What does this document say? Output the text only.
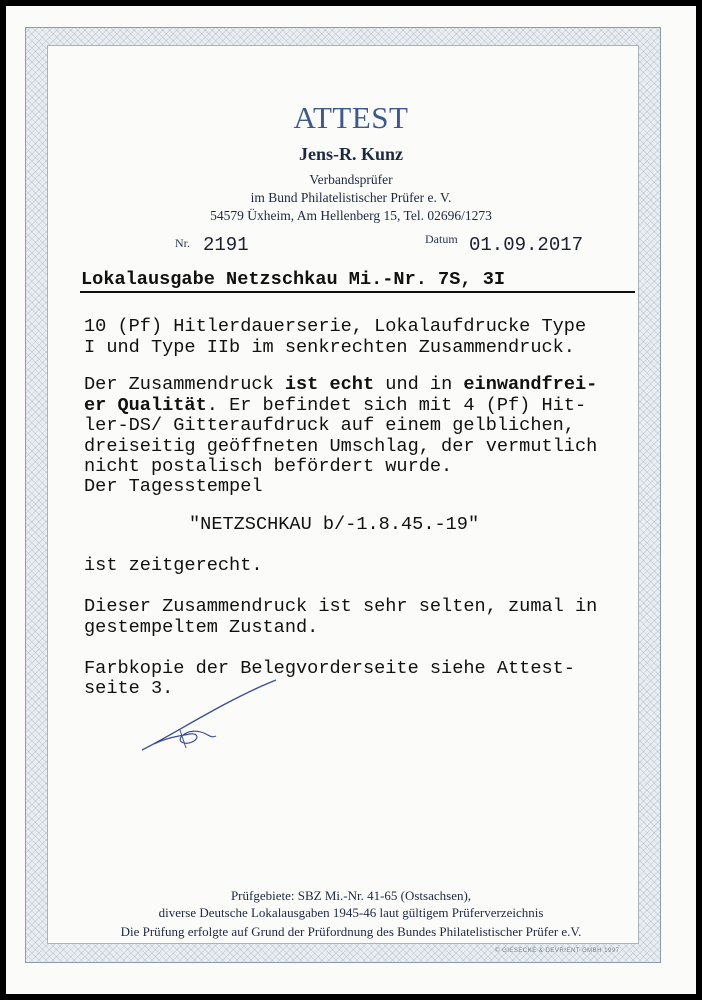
ATTEST
Jens-R. Kunz
Verbandsprüfer
im Bund Philatelistischer Prüfer e. V.
54579 Üxheim, Am Hellenberg 15, Tel. 02696/1273
Nr. 2191	Datum 01.09.2017
Lokalausgabe Netzschkau Mi.-Nr. 7S, 3I
10 (Pf) Hitlerdauerserie, Lokalaufdrucke Type
I und Type IIb im senkrechten Zusammendruck.
Der Zusammendruck ist echt und in einwandfrei-
er Qualität. Er befindet sich mit 4 (Pf) Hit-
ler-DS/ Gitteraufdruck auf einem gelblichen,
dreiseitig geöffneten Umschlag, der vermutlich
nicht postalisch befördert wurde.
Der Tagesstempel
"NETZSCHKAU b/-1.8.45.-19"
ist zeitgerecht.
Dieser Zusammendruck ist sehr selten, zumal in
gestempeltem Zustand.
Farbkopie der Belegvorderseite siehe Attest-
seite 3.
Prüfgebiete: SBZ Mi.-Nr. 41-65 (Ostsachsen),
diverse Deutsche Lokalausgaben 1945-46 laut gültigem Prüferverzeichnis
Die Prüfung erfolgte auf Grund der Prüfordnung des Bundes Philatelistischer Prüfer e.V.
© GIESECKE & DEVRIENT GMBH 1997
